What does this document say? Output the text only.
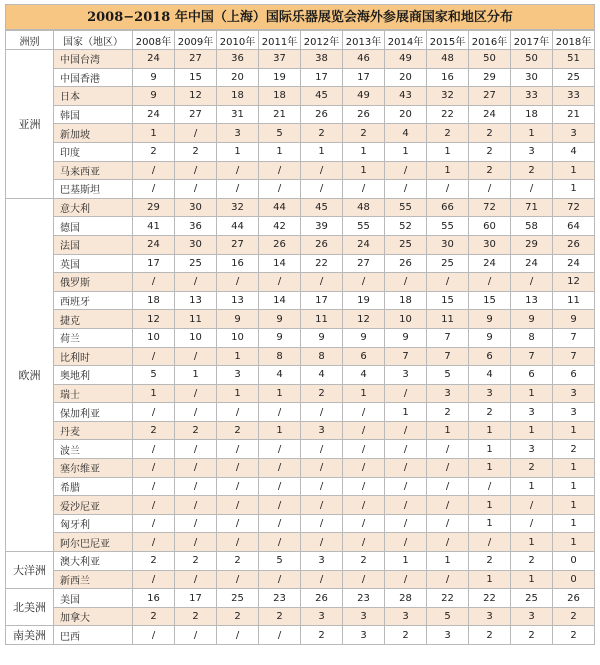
2008−2018 年中国（上海）国际乐器展览会海外参展商国家和地区分布
洲别	国家（地区）	2008年	2009年	2010年	2011年	2012年	2013年	2014年	2015年	2016年	2017年	2018年
亚洲	中国台湾	24	27	36	37	38	46	49	48	50	50	51
	中国香港	9	15	20	19	17	17	20	16	29	30	25
	日本	9	12	18	18	45	49	43	32	27	33	33
	韩国	24	27	31	21	26	26	20	22	24	18	21
	新加坡	1	/	3	5	2	2	4	2	2	1	3
	印度	2	2	1	1	1	1	1	1	2	3	4
	马来西亚	/	/	/	/	/	1	/	1	2	2	1
	巴基斯坦	/	/	/	/	/	/	/	/	/	/	1
欧洲	意大利	29	30	32	44	45	48	55	66	72	71	72
	德国	41	36	44	42	39	55	52	55	60	58	64
	法国	24	30	27	26	26	24	25	30	30	29	26
	英国	17	25	16	14	22	27	26	25	24	24	24
	俄罗斯	/	/	/	/	/	/	/	/	/	/	12
	西班牙	18	13	13	14	17	19	18	15	15	13	11
	捷克	12	11	9	9	11	12	10	11	9	9	9
	荷兰	10	10	10	9	9	9	9	7	9	8	7
	比利时	/	/	1	8	8	6	7	7	6	7	7
	奥地利	5	1	3	4	4	4	3	5	4	6	6
	瑞士	1	/	1	1	2	1	/	3	3	1	3
	保加利亚	/	/	/	/	/	/	1	2	2	3	3
	丹麦	2	2	2	1	3	/	/	1	1	1	1
	波兰	/	/	/	/	/	/	/	/	1	3	2
	塞尔维亚	/	/	/	/	/	/	/	/	1	2	1
	希腊	/	/	/	/	/	/	/	/	/	1	1
	爱沙尼亚	/	/	/	/	/	/	/	/	1	/	1
	匈牙利	/	/	/	/	/	/	/	/	1	/	1
	阿尔巴尼亚	/	/	/	/	/	/	/	/	/	1	1
大洋洲	澳大利亚	2	2	2	5	3	2	1	1	2	2	0
	新西兰	/	/	/	/	/	/	/	/	1	1	0
北美洲	美国	16	17	25	23	26	23	28	22	22	25	26
	加拿大	2	2	2	2	3	3	3	5	3	3	2
南美洲	巴西	/	/	/	/	2	3	2	3	2	2	2
